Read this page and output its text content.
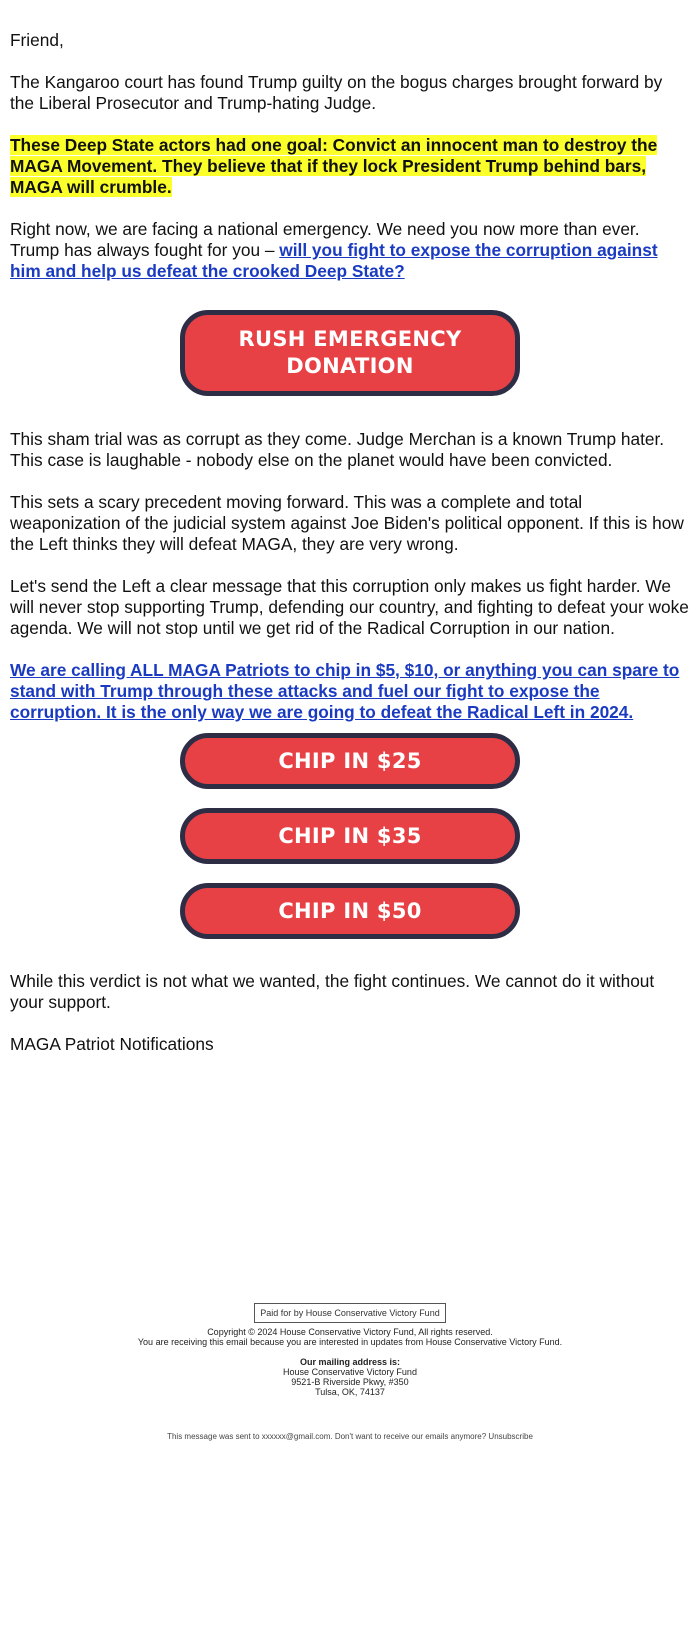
Friend,

The Kangaroo court has found Trump guilty on the bogus charges brought forward by the Liberal Prosecutor and Trump-hating Judge.

These Deep State actors had one goal: Convict an innocent man to destroy the MAGA Movement. They believe that if they lock President Trump behind bars, MAGA will crumble.

Right now, we are facing a national emergency. We need you now more than ever. Trump has always fought for you – will you fight to expose the corruption against him and help us defeat the crooked Deep State?

RUSH EMERGENCY
DONATION

This sham trial was as corrupt as they come. Judge Merchan is a known Trump hater. This case is laughable - nobody else on the planet would have been convicted.

This sets a scary precedent moving forward. This was a complete and total weaponization of the judicial system against Joe Biden's political opponent. If this is how the Left thinks they will defeat MAGA, they are very wrong.

Let's send the Left a clear message that this corruption only makes us fight harder. We will never stop supporting Trump, defending our country, and fighting to defeat your woke agenda. We will not stop until we get rid of the Radical Corruption in our nation.

We are calling ALL MAGA Patriots to chip in $5, $10, or anything you can spare to stand with Trump through these attacks and fuel our fight to expose the corruption. It is the only way we are going to defeat the Radical Left in 2024.

CHIP IN $25
CHIP IN $35
CHIP IN $50

While this verdict is not what we wanted, the fight continues. We cannot do it without your support.

MAGA Patriot Notifications

Paid for by House Conservative Victory Fund
Copyright © 2024 House Conservative Victory Fund, All rights reserved.
You are receiving this email because you are interested in updates from House Conservative Victory Fund.
Our mailing address is:
House Conservative Victory Fund
9521-B Riverside Pkwy, #350
Tulsa, OK, 74137
This message was sent to xxxxxx@gmail.com. Don't want to receive our emails anymore? Unsubscribe
